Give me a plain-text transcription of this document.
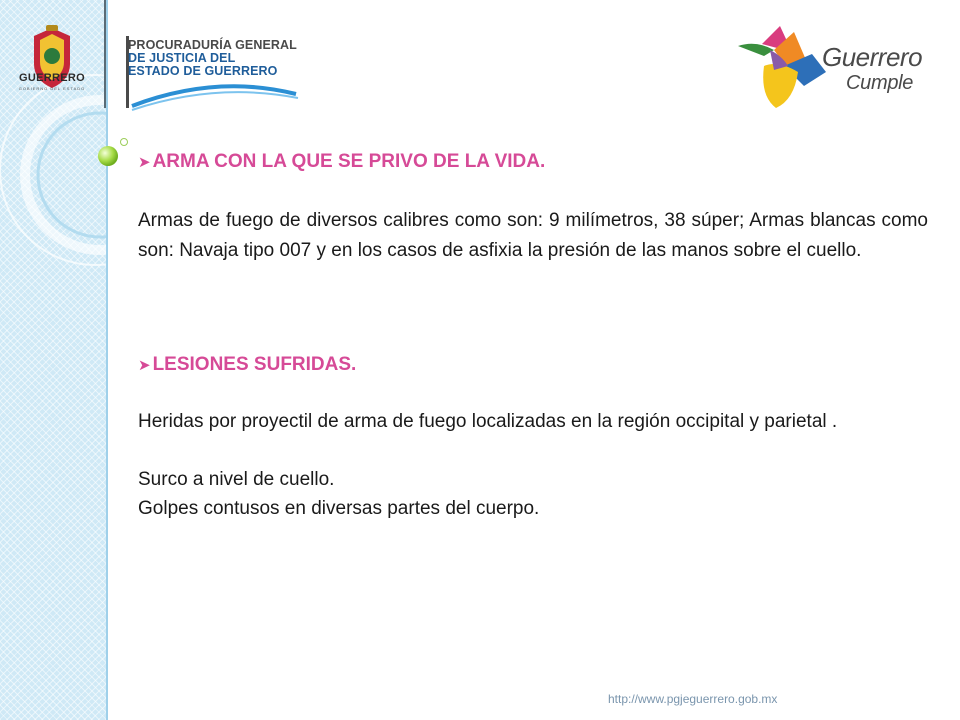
GUERRERO
GOBIERNO DEL ESTADO
PROCURADURÍA GENERAL
DE JUSTICIA DEL
ESTADO DE GUERRERO	Guerrero
Cumple
➤ ARMA CON LA QUE SE PRIVO DE LA VIDA.
Armas de fuego de diversos calibres como son: 9 milímetros, 38 súper; Armas blancas como son: Navaja tipo 007 y en los casos de asfixia la presión de las manos sobre el cuello.
➤ LESIONES SUFRIDAS.
Heridas por proyectil de arma de fuego localizadas en la región occipital y parietal .
Surco a nivel de cuello.
Golpes contusos en diversas partes del cuerpo.
http://www.pgjeguerrero.gob.mx
